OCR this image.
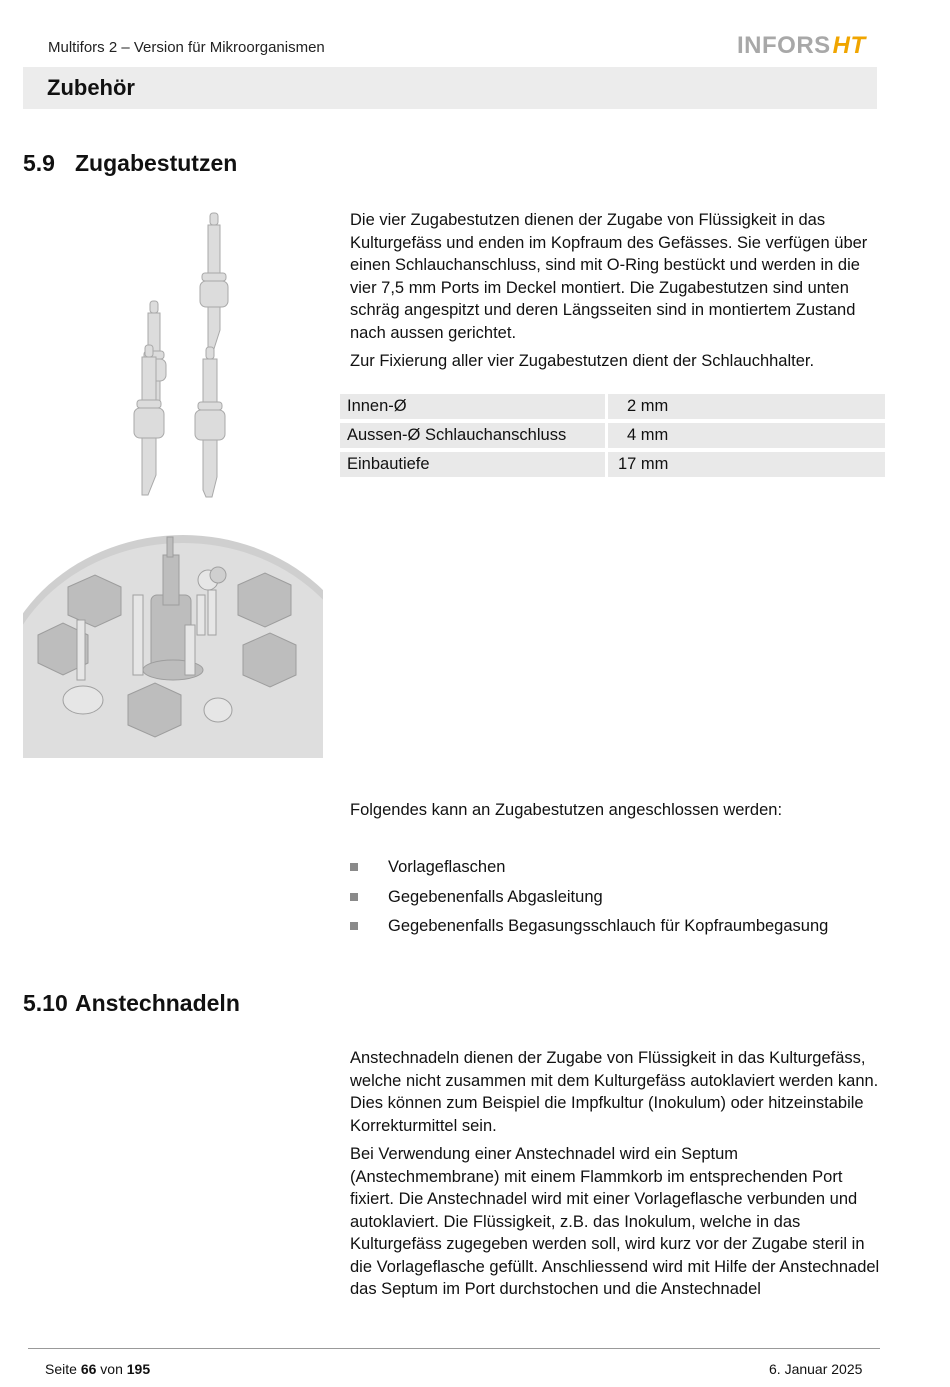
Multifors 2 – Version für Mikroorganismen	INFORSHT
Zubehör
5.9 Zugabestutzen

Die vier Zugabestutzen dienen der Zugabe von Flüssigkeit in das Kulturgefäss und enden im Kopfraum des Gefässes. Sie verfügen über einen Schlauchanschluss, sind mit O-Ring bestückt und werden in die vier 7,5 mm Ports im Deckel montiert. Die Zugabestutzen sind unten schräg angespitzt und deren Längsseiten sind in montiertem Zustand nach aussen gerichtet.

Zur Fixierung aller vier Zugabestutzen dient der Schlauchhalter.

Innen-Ø	2 mm
Aussen-Ø Schlauchanschluss	4 mm
Einbautiefe	17 mm
Folgendes kann an Zugabestutzen angeschlossen werden:
Vorlageflaschen
Gegebenenfalls Abgasleitung
Gegebenenfalls Begasungsschlauch für Kopfraumbegasung
5.10 Anstechnadeln

Anstechnadeln dienen der Zugabe von Flüssigkeit in das Kulturgefäss, welche nicht zusammen mit dem Kulturgefäss autoklaviert werden kann. Dies können zum Beispiel die Impfkultur (Inokulum) oder hitzeinstabile Korrekturmittel sein.

Bei Verwendung einer Anstechnadel wird ein Septum (Anstechmembrane) mit einem Flammkorb im entsprechenden Port fixiert. Die Anstechnadel wird mit einer Vorlageflasche verbunden und autoklaviert. Die Flüssigkeit, z.B. das Inokulum, welche in das Kulturgefäss zugegeben werden soll, wird kurz vor der Zugabe steril in die Vorlageflasche gefüllt. Anschliessend wird mit Hilfe der Anstechnadel das Septum im Port durchstochen und die Anstechnadel

Seite 66 von 195	6. Januar 2025
